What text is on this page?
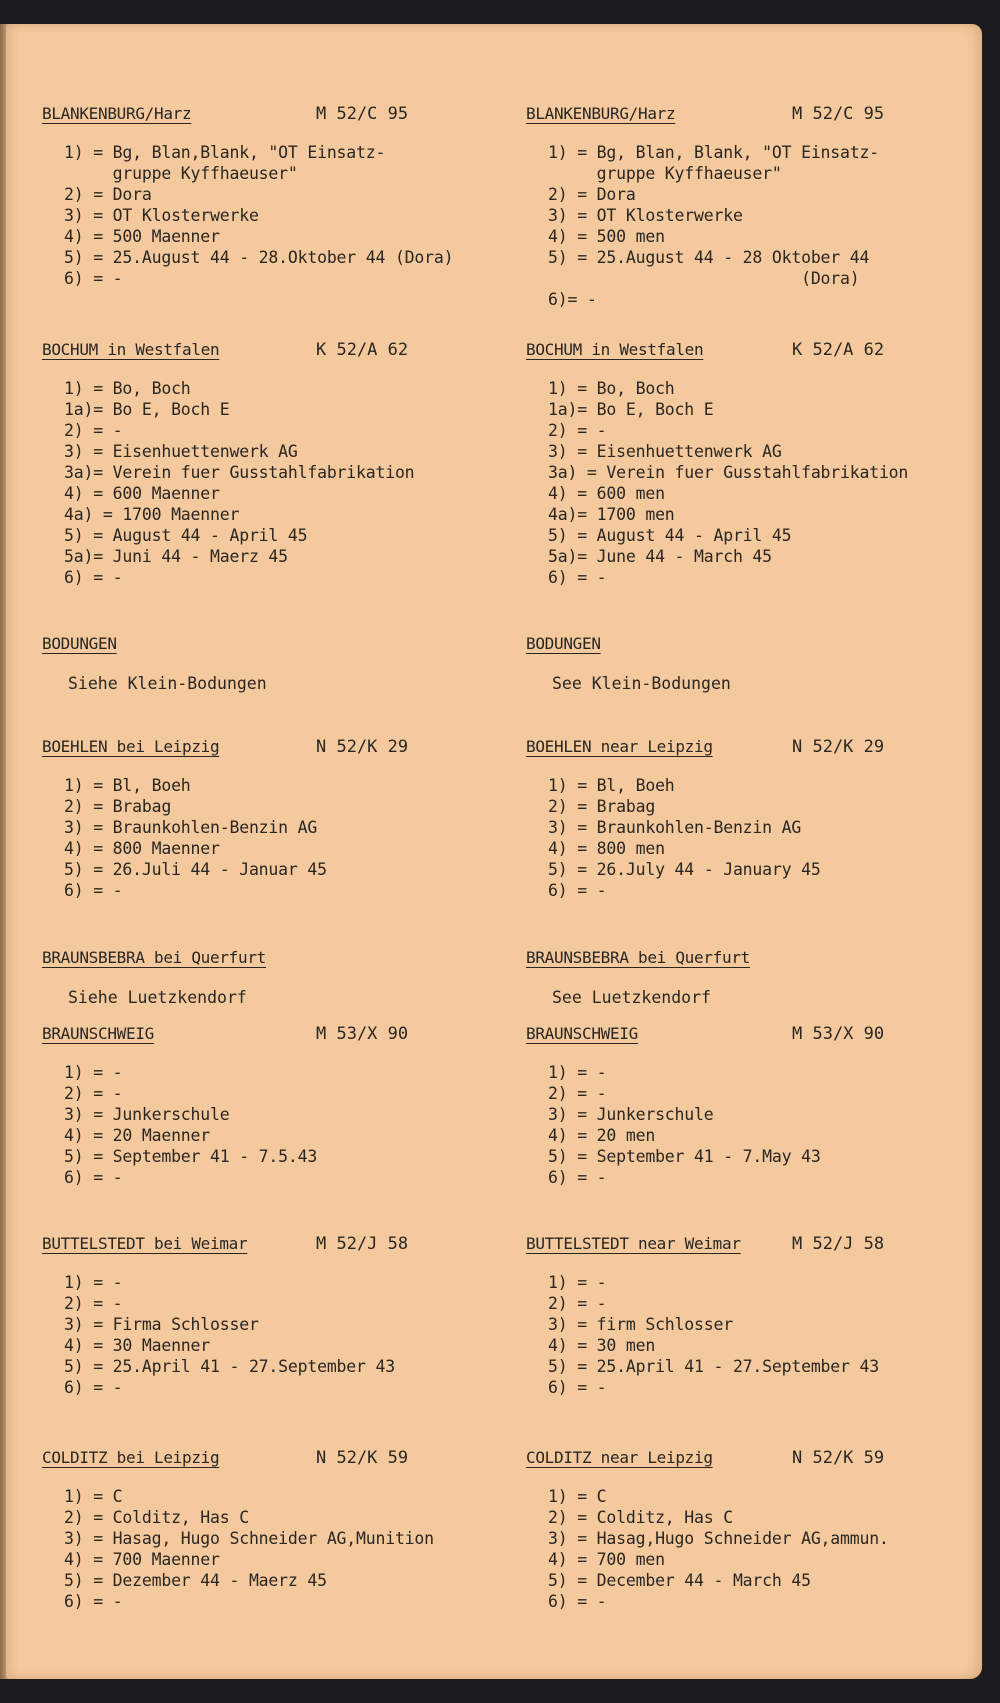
BLANKENBURG/Harz	M 52/C 95
1) = Bg, Blan,Blank, "OT Einsatz-
gruppe Kyffhaeuser"
2) = Dora
3) = OT Klosterwerke
4) = 500 Maenner
5) = 25.August 44 - 28.Oktober 44 (Dora)
6) = -
BOCHUM in Westfalen	K 52/A 62
1) = Bo, Boch
1a)= Bo E, Boch E
2) = -
3) = Eisenhuettenwerk AG
3a)= Verein fuer Gusstahlfabrikation
4) = 600 Maenner
4a) = 1700 Maenner
5) = August 44 - April 45
5a)= Juni 44 - Maerz 45
6) = -
BODUNGEN
Siehe Klein-Bodungen
BOEHLEN bei Leipzig	N 52/K 29
1) = Bl, Boeh
2) = Brabag
3) = Braunkohlen-Benzin AG
4) = 800 Maenner
5) = 26.Juli 44 - Januar 45
6) = -
BRAUNSBEBRA bei Querfurt
Siehe Luetzkendorf
BRAUNSCHWEIG	M 53/X 90
1) = -
2) = -
3) = Junkerschule
4) = 20 Maenner
5) = September 41 - 7.5.43
6) = -
BUTTELSTEDT bei Weimar	M 52/J 58
1) = -
2) = -
3) = Firma Schlosser
4) = 30 Maenner
5) = 25.April 41 - 27.September 43
6) = -
COLDITZ bei Leipzig	N 52/K 59
1) = C
2) = Colditz, Has C
3) = Hasag, Hugo Schneider AG,Munition
4) = 700 Maenner
5) = Dezember 44 - Maerz 45
6) = -
BLANKENBURG/Harz	M 52/C 95
1) = Bg, Blan, Blank, "OT Einsatz-
gruppe Kyffhaeuser"
2) = Dora
3) = OT Klosterwerke
4) = 500 men
5) = 25.August 44 - 28 Oktober 44
(Dora)
6)= -
BOCHUM in Westfalen	K 52/A 62
1) = Bo, Boch
1a)= Bo E, Boch E
2) = -
3) = Eisenhuettenwerk AG
3a) = Verein fuer Gusstahlfabrikation
4) = 600 men
4a)= 1700 men
5) = August 44 - April 45
5a)= June 44 - March 45
6) = -
BODUNGEN
See Klein-Bodungen
BOEHLEN near Leipzig	N 52/K 29
1) = Bl, Boeh
2) = Brabag
3) = Braunkohlen-Benzin AG
4) = 800 men
5) = 26.July 44 - January 45
6) = -
BRAUNSBEBRA bei Querfurt
See Luetzkendorf
BRAUNSCHWEIG	M 53/X 90
1) = -
2) = -
3) = Junkerschule
4) = 20 men
5) = September 41 - 7.May 43
6) = -
BUTTELSTEDT near Weimar	M 52/J 58
1) = -
2) = -
3) = firm Schlosser
4) = 30 men
5) = 25.April 41 - 27.September 43
6) = -
COLDITZ near Leipzig	N 52/K 59
1) = C
2) = Colditz, Has C
3) = Hasag,Hugo Schneider AG,ammun.
4) = 700 men
5) = December 44 - March 45
6) = -
